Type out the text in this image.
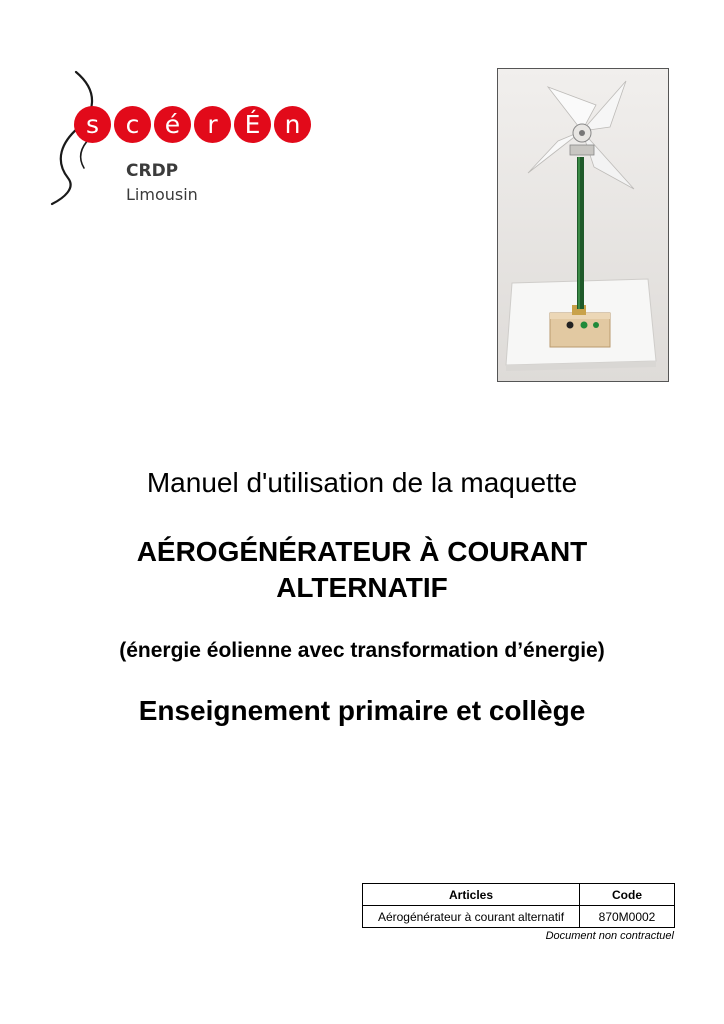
s	c	é	r	É n
CRDP
Limousin
Manuel d'utilisation de la maquette
AÉROGÉNÉRATEUR À COURANT ALTERNATIF

(énergie éolienne avec transformation d’énergie)

Enseignement primaire et collège
Articles	Code
Aérogénérateur à courant alternatif	870M0002
Document non contractuel
